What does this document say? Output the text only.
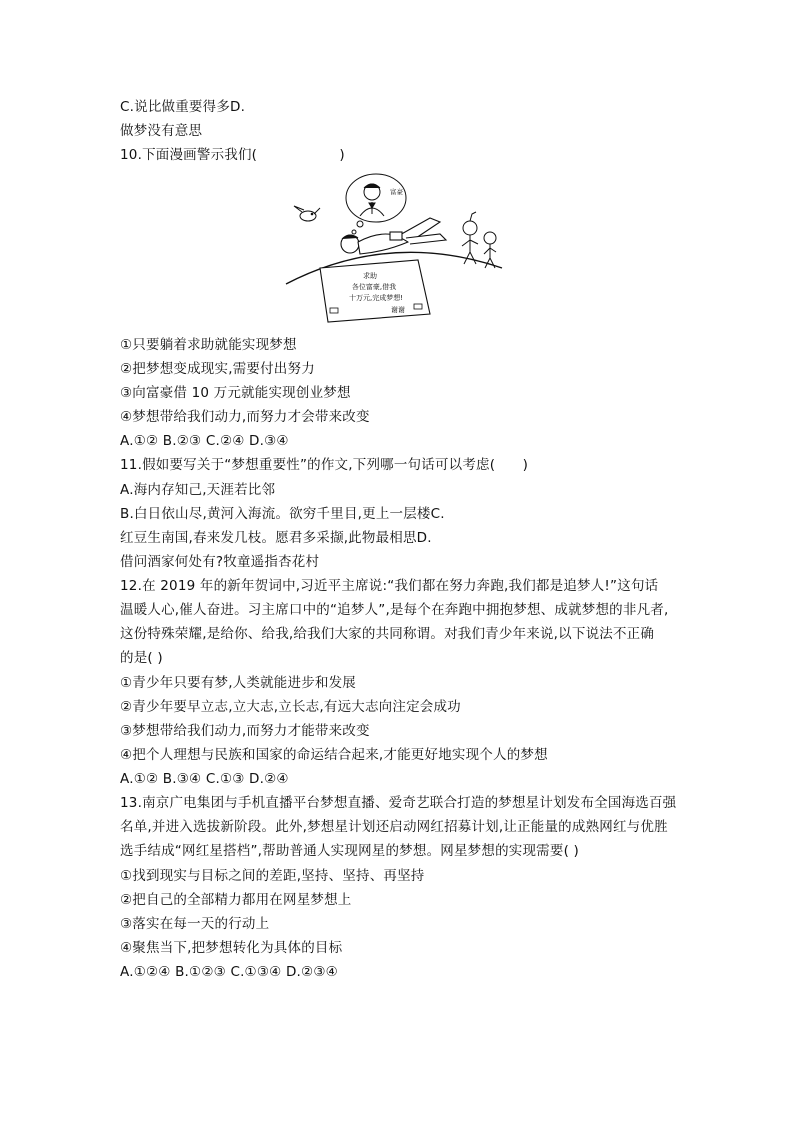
C.说比做重要得多D.
做梦没有意思
10.下面漫画警示我们(　　　　　　)
富豪
求助
各位富豪,借我
十万元,完成梦想!
谢谢
①只要躺着求助就能实现梦想
②把梦想变成现实,需要付出努力
③向富豪借 10 万元就能实现创业梦想
④梦想带给我们动力,而努力才会带来改变
A.①② B.②③ C.②④ D.③④
11.假如要写关于“梦想重要性”的作文,下列哪一句话可以考虑(　　)
A.海内存知己,天涯若比邻
B.白日依山尽,黄河入海流。欲穷千里目,更上一层楼C.
红豆生南国,春来发几枝。愿君多采撷,此物最相思D.
借问酒家何处有?牧童遥指杏花村
12.在 2019 年的新年贺词中,习近平主席说:“我们都在努力奔跑,我们都是追梦人!”这句话
温暖人心,催人奋进。习主席口中的“追梦人”,是每个在奔跑中拥抱梦想、成就梦想的非凡者,
这份特殊荣耀,是给你、给我,给我们大家的共同称谓。对我们青少年来说,以下说法不正确
的是( )
①青少年只要有梦,人类就能进步和发展
②青少年要早立志,立大志,立长志,有远大志向注定会成功
③梦想带给我们动力,而努力才能带来改变
④把个人理想与民族和国家的命运结合起来,才能更好地实现个人的梦想
A.①② B.③④ C.①③ D.②④
13.南京广电集团与手机直播平台梦想直播、爱奇艺联合打造的梦想星计划发布全国海选百强
名单,并进入选拔新阶段。此外,梦想星计划还启动网红招募计划,让正能量的成熟网红与优胜
选手结成“网红星搭档”,帮助普通人实现网星的梦想。网星梦想的实现需要( )
①找到现实与目标之间的差距,坚持、坚持、再坚持
②把自己的全部精力都用在网星梦想上
③落实在每一天的行动上
④聚焦当下,把梦想转化为具体的目标
A.①②④ B.①②③ C.①③④ D.②③④
